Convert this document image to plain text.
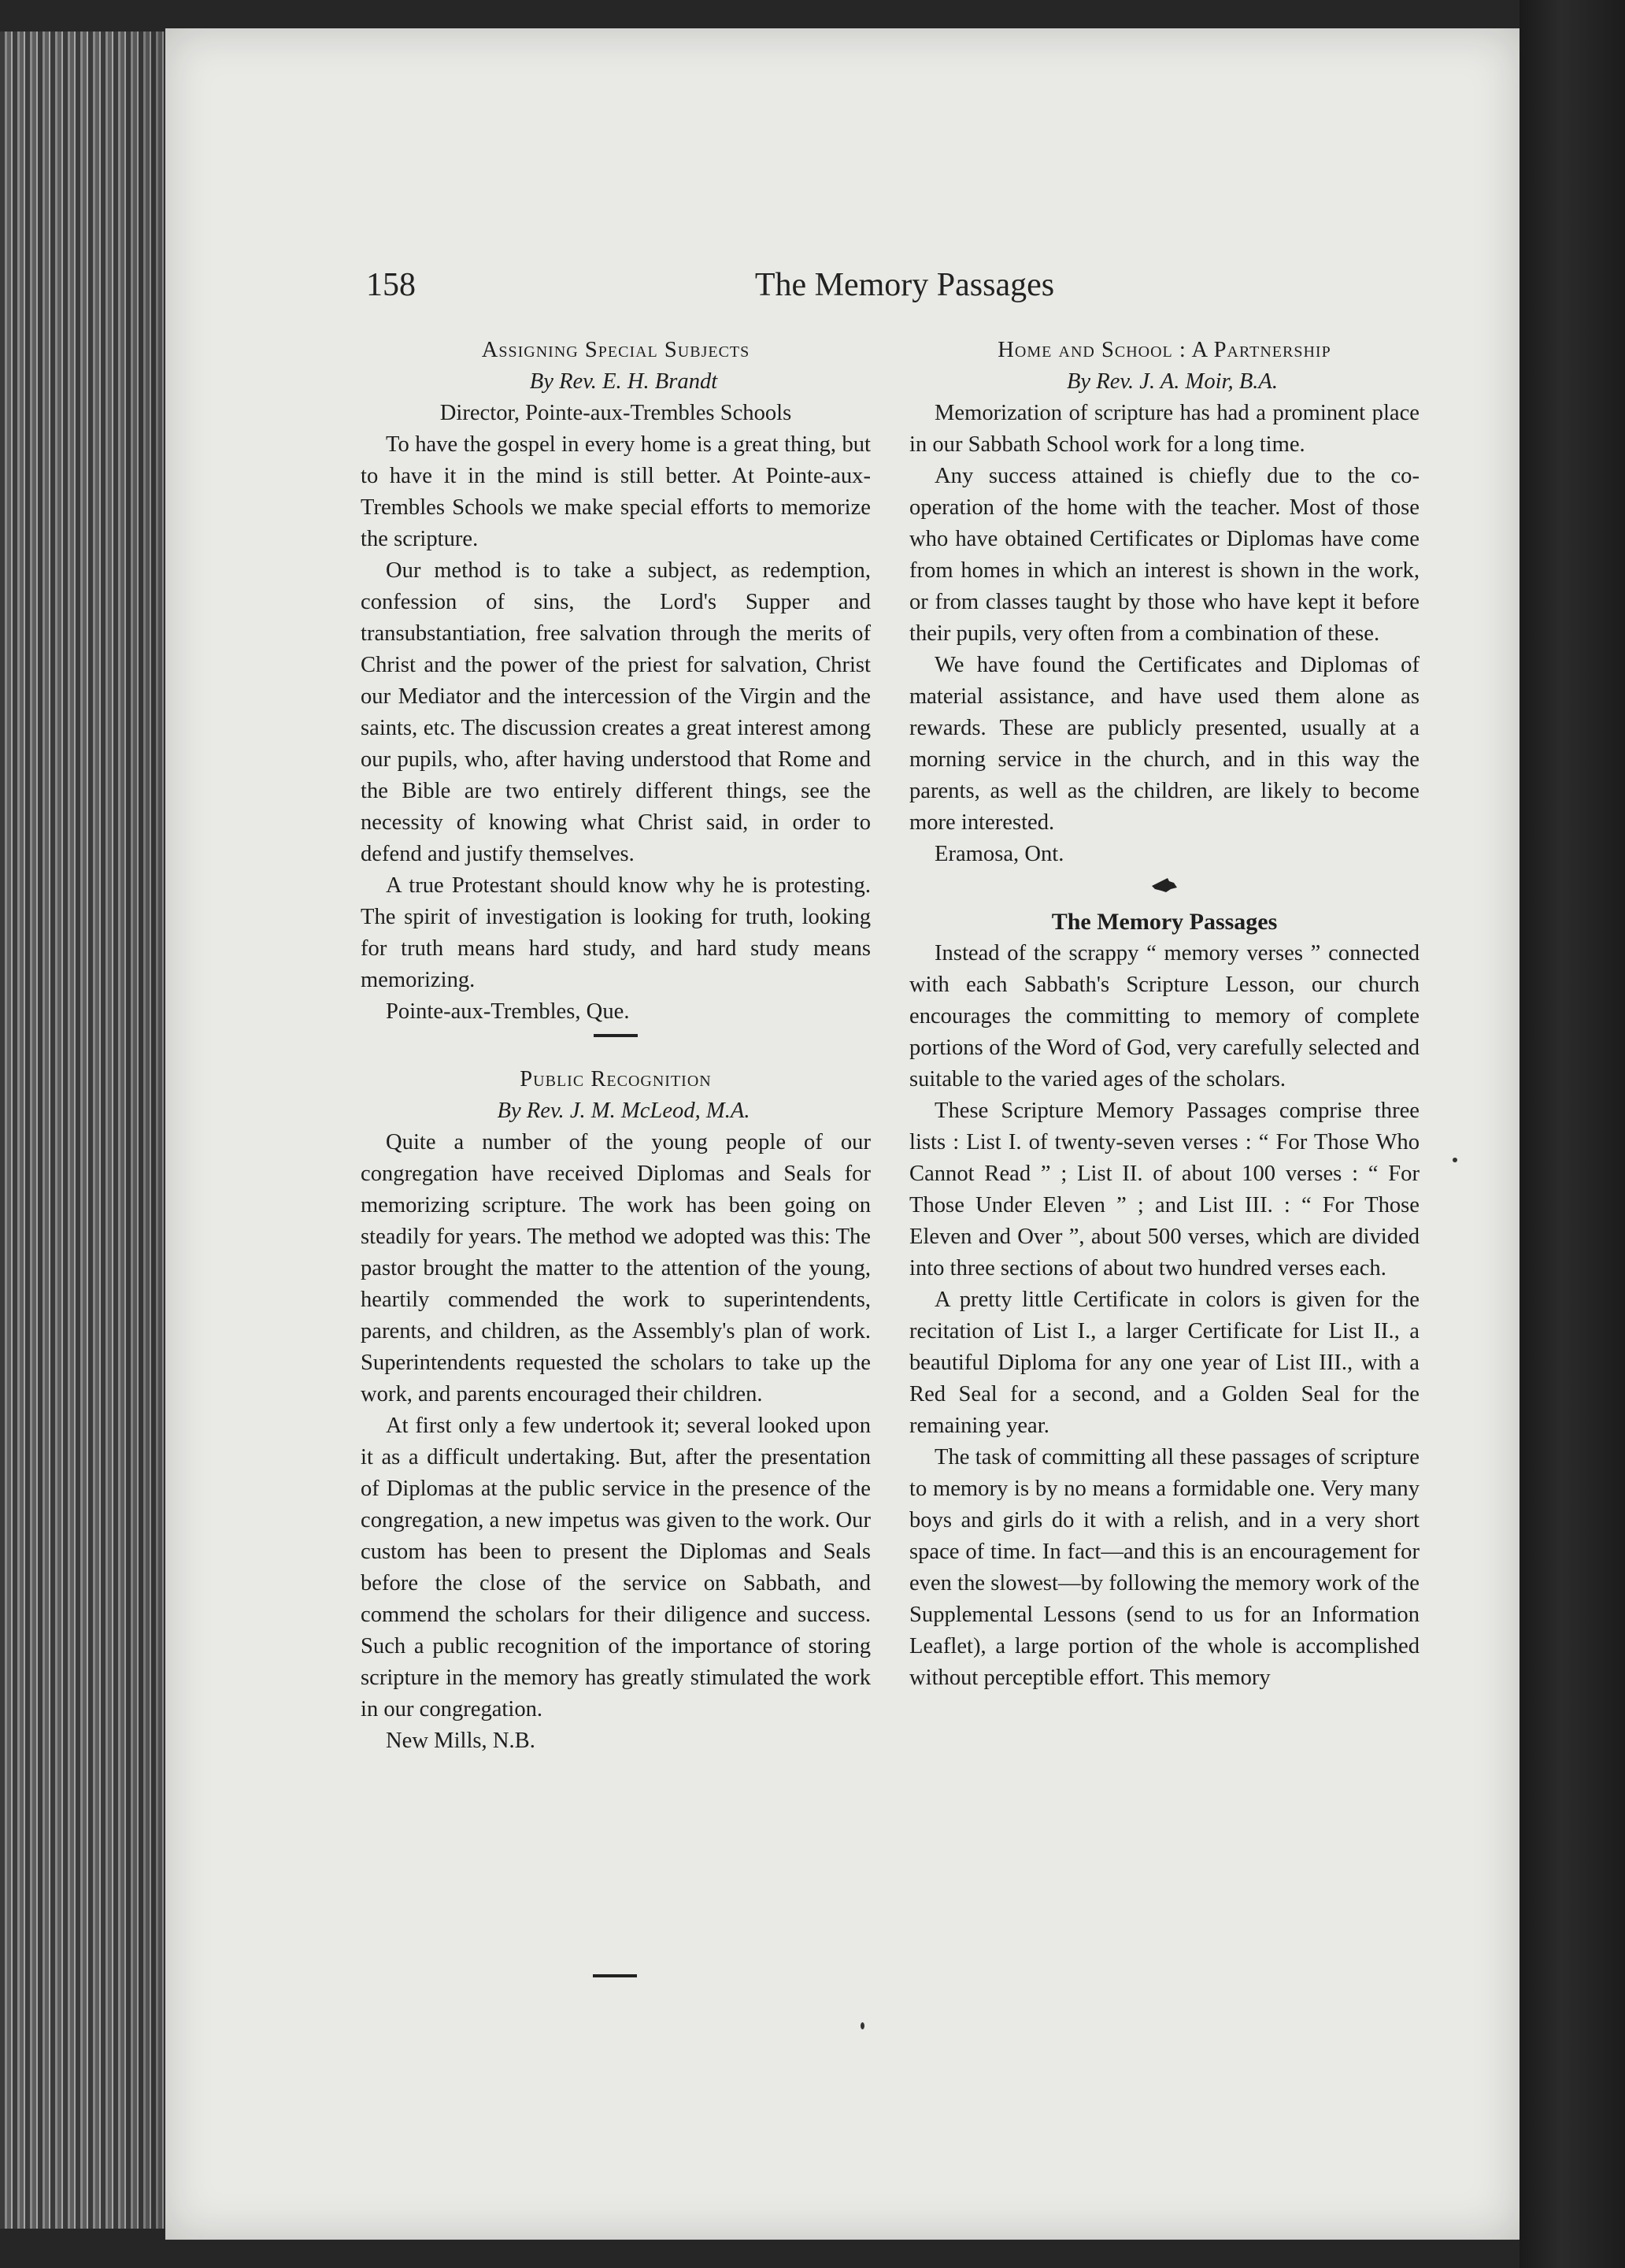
The Memory Passages
158
Assigning Special Subjects
By Rev. E. H. Brandt
Director, Pointe-aux-Trembles Schools

To have the gospel in every home is a great thing, but to have it in the mind is still better. At Pointe-aux-Trembles Schools we make special efforts to memorize the scripture.

Our method is to take a subject, as redemption, confession of sins, the Lord's Supper and transubstantiation, free salvation through the merits of Christ and the power of the priest for salvation, Christ our Mediator and the intercession of the Virgin and the saints, etc. The discussion creates a great interest among our pupils, who, after having understood that Rome and the Bible are two entirely different things, see the necessity of knowing what Christ said, in order to defend and justify themselves.

A true Protestant should know why he is protesting. The spirit of investigation is looking for truth, looking for truth means hard study, and hard study means memorizing.

Pointe-aux-Trembles, Que.

Public Recognition
By Rev. J. M. McLeod, M.A.

Quite a number of the young people of our congregation have received Diplomas and Seals for memorizing scripture. The work has been going on steadily for years. The method we adopted was this: The pastor brought the matter to the attention of the young, heartily commended the work to superintendents, parents, and children, as the Assembly's plan of work. Superintendents requested the scholars to take up the work, and parents encouraged their children.

At first only a few undertook it; several looked upon it as a difficult undertaking. But, after the presentation of Diplomas at the public service in the presence of the congregation, a new impetus was given to the work. Our custom has been to present the Diplomas and Seals before the close of the service on Sabbath, and commend the scholars for their diligence and success. Such a public recognition of the importance of storing scripture in the memory has greatly stimulated the work in our congregation.

New Mills, N.B.

Home and School : A Partnership
By Rev. J. A. Moir, B.A.

Memorization of scripture has had a prominent place in our Sabbath School work for a long time.

Any success attained is chiefly due to the co-operation of the home with the teacher. Most of those who have obtained Certificates or Diplomas have come from homes in which an interest is shown in the work, or from classes taught by those who have kept it before their pupils, very often from a combination of these.

We have found the Certificates and Diplomas of material assistance, and have used them alone as rewards. These are publicly presented, usually at a morning service in the church, and in this way the parents, as well as the children, are likely to become more interested.

Eramosa, Ont.

The Memory Passages

Instead of the scrappy “ memory verses ” connected with each Sabbath's Scripture Lesson, our church encourages the committing to memory of complete portions of the Word of God, very carefully selected and suitable to the varied ages of the scholars.

These Scripture Memory Passages comprise three lists : List I. of twenty-seven verses : “ For Those Who Cannot Read ” ; List II. of about 100 verses : “ For Those Under Eleven ” ; and List III. : “ For Those Eleven and Over ”, about 500 verses, which are divided into three sections of about two hundred verses each.

A pretty little Certificate in colors is given for the recitation of List I., a larger Certificate for List II., a beautiful Diploma for any one year of List III., with a Red Seal for a second, and a Golden Seal for the remaining year.

The task of committing all these passages of scripture to memory is by no means a formidable one. Very many boys and girls do it with a relish, and in a very short space of time. In fact—and this is an encouragement for even the slowest—by following the memory work of the Supplemental Lessons (send to us for an Information Leaflet), a large portion of the whole is accomplished without perceptible effort. This memory
